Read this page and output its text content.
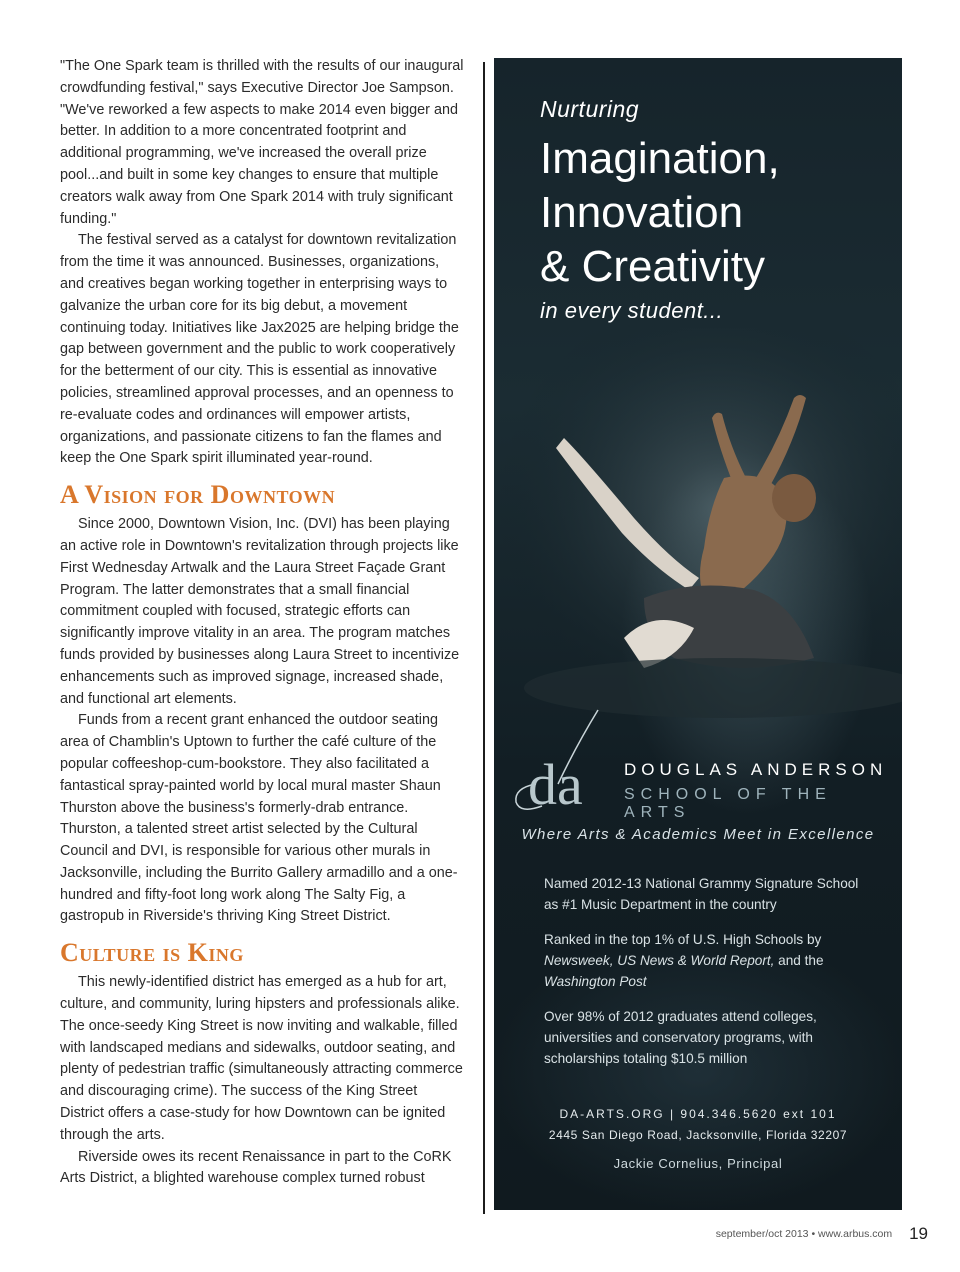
"The One Spark team is thrilled with the results of our inaugural crowdfunding festival," says Executive Director Joe Sampson. "We've reworked a few aspects to make 2014 even bigger and better. In addition to a more concentrated footprint and additional programming, we've increased the overall prize pool...and built in some key changes to ensure that multiple creators walk away from One Spark 2014 with truly significant funding."

The festival served as a catalyst for downtown revitalization from the time it was announced. Businesses, organizations, and creatives began working together in enterprising ways to galvanize the urban core for its big debut, a movement continuing today. Initiatives like Jax2025 are helping bridge the gap between government and the public to work cooperatively for the betterment of our city. This is essential as innovative policies, streamlined approval processes, and an openness to re-evaluate codes and ordinances will empower artists, organizations, and passionate citizens to fan the flames and keep the One Spark spirit illuminated year-round.

A Vision for Downtown

Since 2000, Downtown Vision, Inc. (DVI) has been playing an active role in Downtown's revitalization through projects like First Wednesday Artwalk and the Laura Street Façade Grant Program. The latter demonstrates that a small financial commitment coupled with focused, strategic efforts can significantly improve vitality in an area. The program matches funds provided by businesses along Laura Street to incentivize enhancements such as improved signage, increased shade, and functional art elements.

Funds from a recent grant enhanced the outdoor seating area of Chamblin's Uptown to further the café culture of the popular coffeeshop-cum-bookstore. They also facilitated a fantastical spray-painted world by local mural master Shaun Thurston above the business's formerly-drab entrance. Thurston, a talented street artist selected by the Cultural Council and DVI, is responsible for various other murals in Jacksonville, including the Burrito Gallery armadillo and a one-hundred and fifty-foot long work along The Salty Fig, a gastropub in Riverside's thriving King Street District.

Culture is King

This newly-identified district has emerged as a hub for art, culture, and community, luring hipsters and professionals alike. The once-seedy King Street is now inviting and walkable, filled with landscaped medians and sidewalks, outdoor seating, and plenty of pedestrian traffic (simultaneously attracting commerce and discouraging crime). The success of the King Street District offers a case-study for how Downtown can be ignited through the arts.

Riverside owes its recent Renaissance in part to the CoRK Arts District, a blighted warehouse complex turned robust

Nurturing
Imagination,
Innovation
& Creativity
in every student...
da DOUGLAS ANDERSON
SCHOOL OF THE ARTS
Where Arts & Academics Meet in Excellence
Named 2012-13 National Grammy Signature School as #1 Music Department in the country
Ranked in the top 1% of U.S. High Schools by Newsweek, US News & World Report, and the Washington Post
Over 98% of 2012 graduates attend colleges, universities and conservatory programs, with scholarships totaling $10.5 million
DA-ARTS.ORG | 904.346.5620 ext 101
2445 San Diego Road, Jacksonville, Florida 32207
Jackie Cornelius, Principal
september/oct 2013 • www.arbus.com 19
